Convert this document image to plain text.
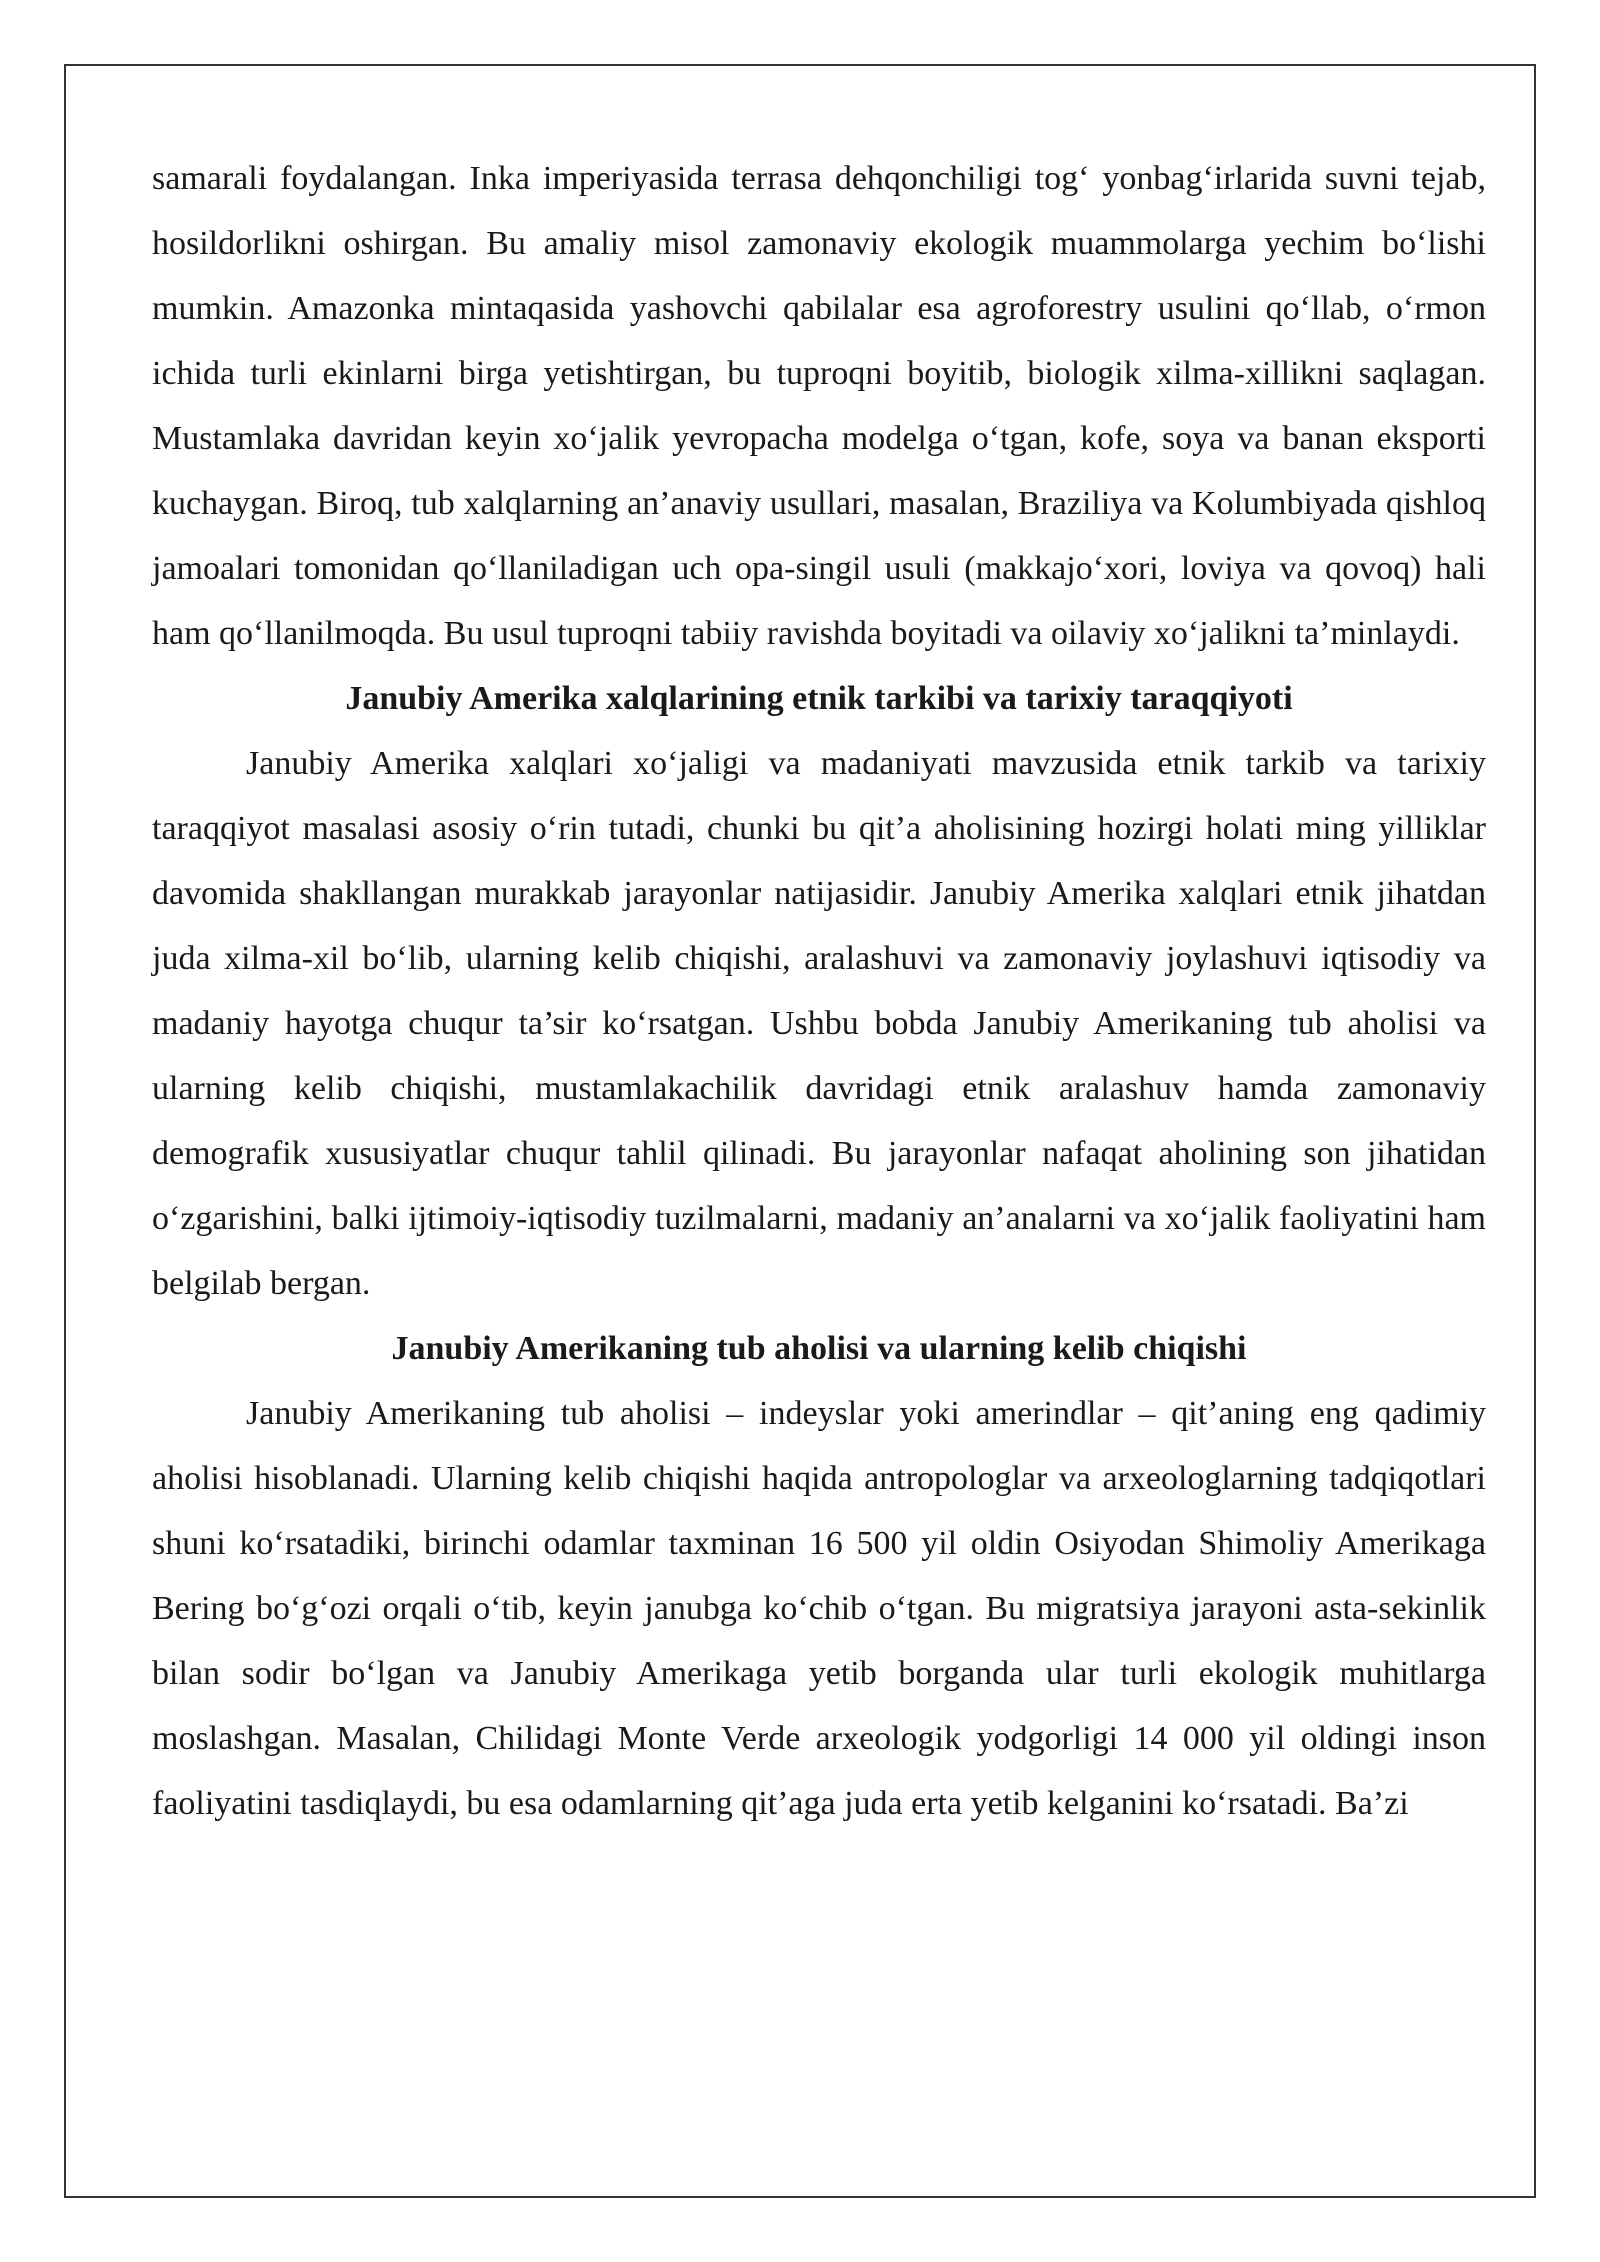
samarali foydalangan. Inka imperiyasida terrasa dehqonchiligi tog‘ yonbag‘irlarida suvni tejab, hosildorlikni oshirgan. Bu amaliy misol zamonaviy ekologik muammolarga yechim bo‘lishi mumkin. Amazonka mintaqasida yashovchi qabilalar esa agroforestry usulini qo‘llab, o‘rmon ichida turli ekinlarni birga yetishtirgan, bu tuproqni boyitib, biologik xilma-xillikni saqlagan. Mustamlaka davridan keyin xo‘jalik yevropacha modelga o‘tgan, kofe, soya va banan eksporti kuchaygan. Biroq, tub xalqlarning an’anaviy usullari, masalan, Braziliya va Kolumbiyada qishloq jamoalari tomonidan qo‘llaniladigan uch opa-singil usuli (makkajo‘xori, loviya va qovoq) hali ham qo‘llanilmoqda. Bu usul tuproqni tabiiy ravishda boyitadi va oilaviy xo‘jalikni ta’minlaydi.

Janubiy Amerika xalqlarining etnik tarkibi va tarixiy taraqqiyoti

Janubiy Amerika xalqlari xo‘jaligi va madaniyati mavzusida etnik tarkib va tarixiy taraqqiyot masalasi asosiy o‘rin tutadi, chunki bu qit’a aholisining hozirgi holati ming yilliklar davomida shakllangan murakkab jarayonlar natijasidir. Janubiy Amerika xalqlari etnik jihatdan juda xilma-xil bo‘lib, ularning kelib chiqishi, aralashuvi va zamonaviy joylashuvi iqtisodiy va madaniy hayotga chuqur ta’sir ko‘rsatgan. Ushbu bobda Janubiy Amerikaning tub aholisi va ularning kelib chiqishi, mustamlakachilik davridagi etnik aralashuv hamda zamonaviy demografik xususiyatlar chuqur tahlil qilinadi. Bu jarayonlar nafaqat aholining son jihatidan o‘zgarishini, balki ijtimoiy-iqtisodiy tuzilmalarni, madaniy an’analarni va xo‘jalik faoliyatini ham belgilab bergan.

Janubiy Amerikaning tub aholisi va ularning kelib chiqishi

Janubiy Amerikaning tub aholisi – indeyslar yoki amerindlar – qit’aning eng qadimiy aholisi hisoblanadi. Ularning kelib chiqishi haqida antropologlar va arxeologlarning tadqiqotlari shuni ko‘rsatadiki, birinchi odamlar taxminan 16 500 yil oldin Osiyodan Shimoliy Amerikaga Bering bo‘g‘ozi orqali o‘tib, keyin janubga ko‘chib o‘tgan. Bu migratsiya jarayoni asta-sekinlik bilan sodir bo‘lgan va Janubiy Amerikaga yetib borganda ular turli ekologik muhitlarga moslashgan. Masalan, Chilidagi Monte Verde arxeologik yodgorligi 14 000 yil oldingi inson faoliyatini tasdiqlaydi, bu esa odamlarning qit’aga juda erta yetib kelganini ko‘rsatadi. Ba’zi
